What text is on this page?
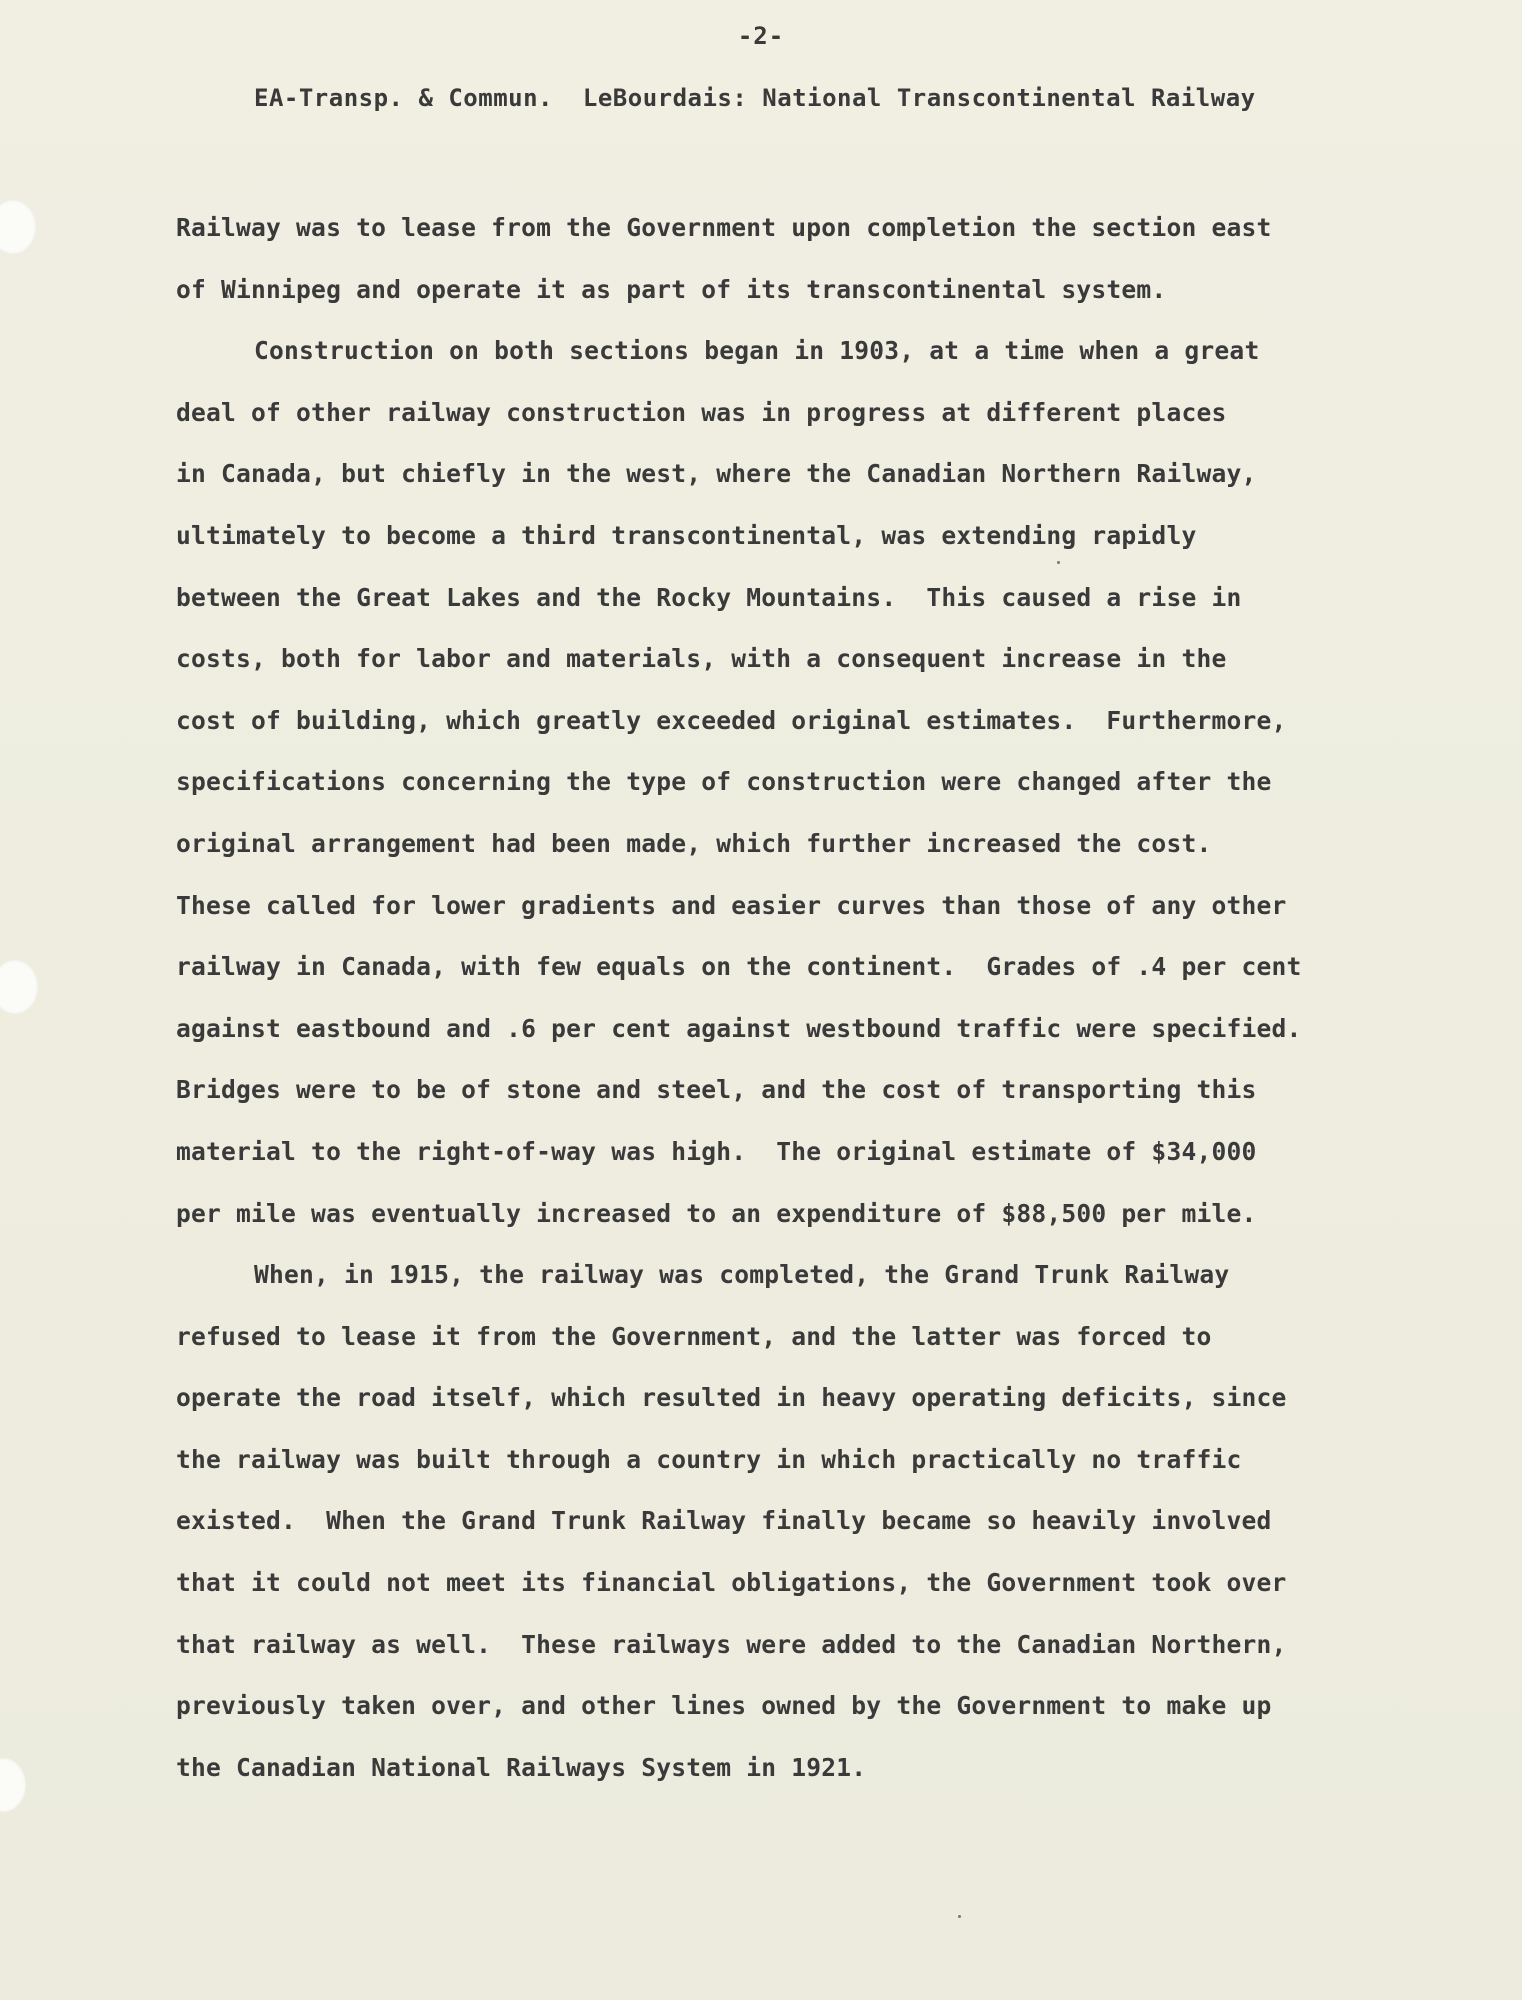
-2-
EA-Transp. & Commun. LeBourdais: National Transcontinental Railway
Railway was to lease from the Government upon completion the section east
of Winnipeg and operate it as part of its transcontinental system.
Construction on both sections began in 1903, at a time when a great
deal of other railway construction was in progress at different places
in Canada, but chiefly in the west, where the Canadian Northern Railway,
ultimately to become a third transcontinental, was extending rapidly
between the Great Lakes and the Rocky Mountains.  This caused a rise in
costs, both for labor and materials, with a consequent increase in the
cost of building, which greatly exceeded original estimates.  Furthermore,
specifications concerning the type of construction were changed after the
original arrangement had been made, which further increased the cost.
These called for lower gradients and easier curves than those of any other
railway in Canada, with few equals on the continent.  Grades of .4 per cent
against eastbound and .6 per cent against westbound traffic were specified.
Bridges were to be of stone and steel, and the cost of transporting this
material to the right-of-way was high.  The original estimate of $34,000
per mile was eventually increased to an expenditure of $88,500 per mile.
When, in 1915, the railway was completed, the Grand Trunk Railway
refused to lease it from the Government, and the latter was forced to
operate the road itself, which resulted in heavy operating deficits, since
the railway was built through a country in which practically no traffic
existed.  When the Grand Trunk Railway finally became so heavily involved
that it could not meet its financial obligations, the Government took over
that railway as well.  These railways were added to the Canadian Northern,
previously taken over, and other lines owned by the Government to make up
the Canadian National Railways System in 1921.
